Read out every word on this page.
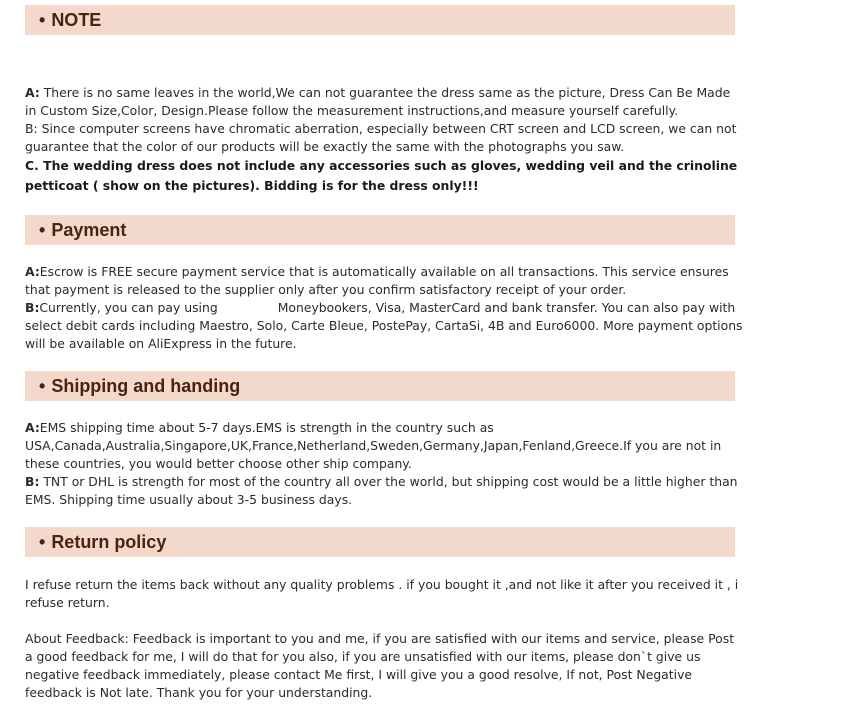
• NOTE

A: There is no same leaves in the world,We can not guarantee the dress same as the picture, Dress Can Be Made in Custom Size,Color, Design.Please follow the measurement instructions,and measure yourself carefully.

B: Since computer screens have chromatic aberration, especially between CRT screen and LCD screen, we can not guarantee that the color of our products will be exactly the same with the photographs you saw.

C. The wedding dress does not include any accessories such as gloves, wedding veil and the crinoline petticoat ( show on the pictures). Bidding is for the dress only!!!

• Payment

A:Escrow is FREE secure payment service that is automatically available on all transactions. This service ensures that payment is released to the supplier only after you confirm satisfactory receipt of your order.

B:Currently, you can pay using	Moneybookers, Visa, MasterCard and bank transfer. You can also pay with select debit cards including Maestro, Solo, Carte Bleue, PostePay, CartaSi, 4B and Euro6000. More payment options will be available on AliExpress in the future.

• Shipping and handing

A:EMS shipping time about 5-7 days.EMS is strength in the country such as USA,Canada,Australia,Singapore,UK,France,Netherland,Sweden,Germany,Japan,Fenland,Greece.If you are not in these countries, you would better choose other ship company.

B: TNT or DHL is strength for most of the country all over the world, but shipping cost would be a little higher than EMS. Shipping time usually about 3-5 business days.

• Return policy

I refuse return the items back without any quality problems . if you bought it ,and not like it after you received it , i refuse return.

About Feedback: Feedback is important to you and me, if you are satisfied with our items and service, please Post a good feedback for me, I will do that for you also, if you are unsatisfied with our items, please don`t give us negative feedback immediately, please contact Me first, I will give you a good resolve, If not, Post Negative feedback is Not late. Thank you for your understanding.
